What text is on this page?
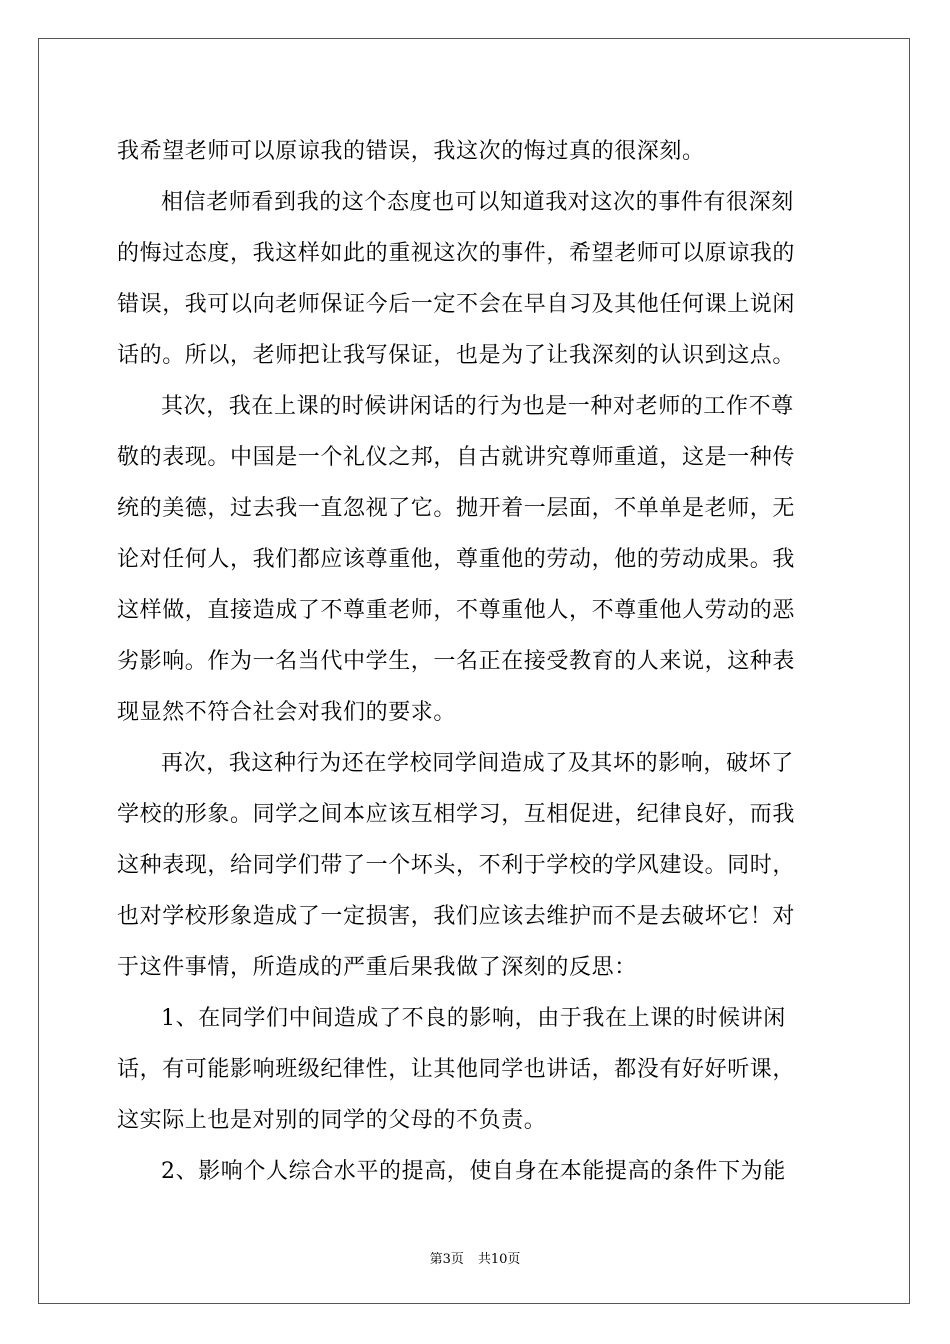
我希望老师可以原谅我的错误，我这次的悔过真的很深刻。
相信老师看到我的这个态度也可以知道我对这次的事件有很深刻
的悔过态度，我这样如此的重视这次的事件，希望老师可以原谅我的
错误，我可以向老师保证今后一定不会在早自习及其他任何课上说闲
话的。所以，老师把让我写保证，也是为了让我深刻的认识到这点。
其次，我在上课的时候讲闲话的行为也是一种对老师的工作不尊
敬的表现。中国是一个礼仪之邦，自古就讲究尊师重道，这是一种传
统的美德，过去我一直忽视了它。抛开着一层面，不单单是老师，无
论对任何人，我们都应该尊重他，尊重他的劳动，他的劳动成果。我
这样做，直接造成了不尊重老师，不尊重他人，不尊重他人劳动的恶
劣影响。作为一名当代中学生，一名正在接受教育的人来说，这种表
现显然不符合社会对我们的要求。
再次，我这种行为还在学校同学间造成了及其坏的影响，破坏了
学校的形象。同学之间本应该互相学习，互相促进，纪律良好，而我
这种表现，给同学们带了一个坏头，不利于学校的学风建设。同时，
也对学校形象造成了一定损害，我们应该去维护而不是去破坏它！对
于这件事情，所造成的严重后果我做了深刻的反思：
1、在同学们中间造成了不良的影响，由于我在上课的时候讲闲
话，有可能影响班级纪律性，让其他同学也讲话，都没有好好听课，
这实际上也是对别的同学的父母的不负责。
2、影响个人综合水平的提高，使自身在本能提高的条件下为能
第3页 共10页
